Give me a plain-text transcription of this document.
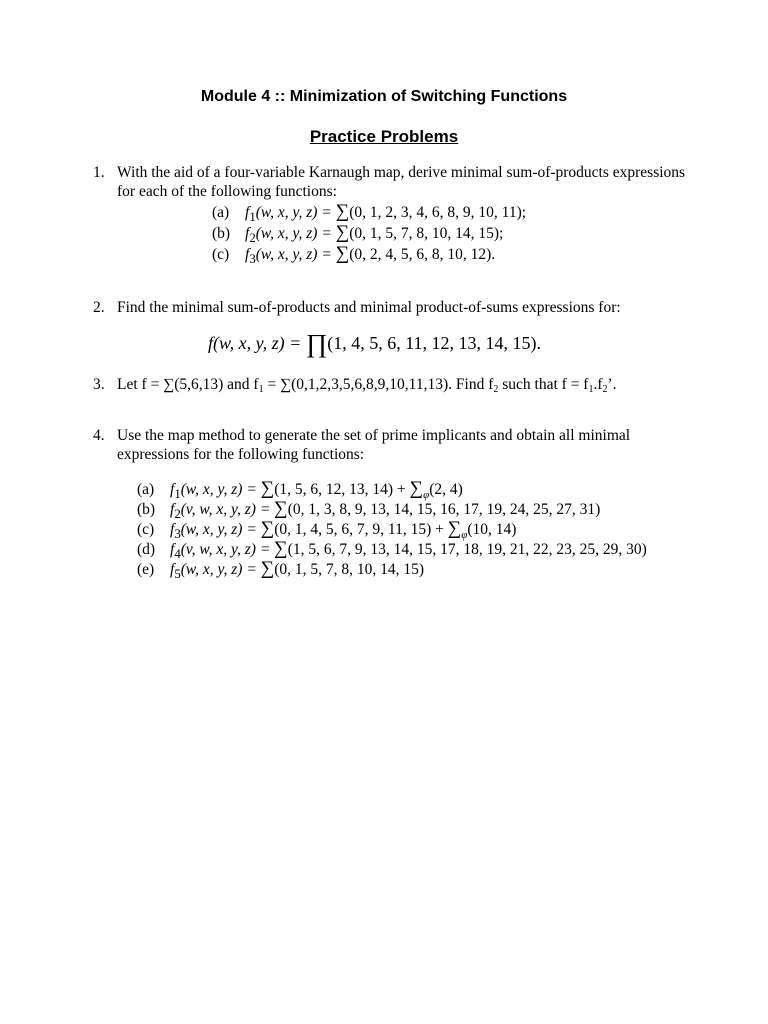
Module 4 :: Minimization of Switching Functions
Practice Problems
1. With the aid of a four-variable Karnaugh map, derive minimal sum-of-products expressions for each of the following functions:
(a) $f_1(w$, x, y, z) = ∑(0, 1, 2, 3, 4, 6, 8, 9, 10, 11);
(b) $f_2(w$, x, y, z) = ∑(0, 1, 5, 7, 8, 10, 14, 15);
(c) $f_3(w$, x, y, z) = ∑(0, 2, 4, 5, 6, 8, 10, 12).
2. Find the minimal sum-of-products and minimal product-of-sums expressions for:
f(w, x, y, z) = ∏(1, 4, 5, 6, 11, 12, 13, 14, 15).
3. Let f = ∑(5,6,13) and f1 = ∑(0,1,2,3,5,6,8,9,10,11,13). Find f2 such that f = f1.f2’.
4. Use the map method to generate the set of prime implicants and obtain all minimal expressions for the following functions:
(a) $f_1(w$, x, y, z) = ∑(1, 5, 6, 12, 13, $14) + \sum_\varphi(2$, 4)
(b) $f_2(v$, w, x, y, z) = ∑(0, 1, 3, 8, 9, 13, 14, 15, 16, 17, 19, 24, 25, 27, 31)
(c) $f_3(w$, x, y, z) = ∑(0, 1, 4, 5, 6, 7, 9, 11, $15) + \sum_\varphi(10$, 14)
(d) $f_4(v$, w, x, y, z) = ∑(1, 5, 6, 7, 9, 13, 14, 15, 17, 18, 19, 21, 22, 23, 25, 29, 30)
(e) $f_5(w$, x, y, z) = ∑(0, 1, 5, 7, 8, 10, 14, 15)
